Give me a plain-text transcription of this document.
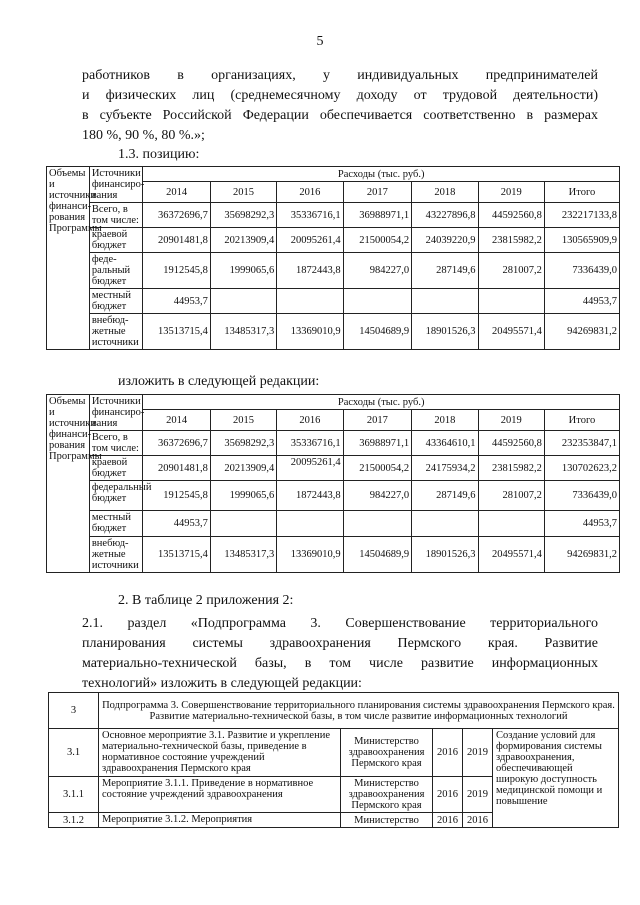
5
работников в организациях, у индивидуальных предпринимателей
и физических лиц (среднемесячному доходу от трудовой деятельности)
в субъекте Российской Федерации обеспечивается соответственно в размерах
180 %, 90 %, 80 %.»;
1.3. позицию:
Объемы и источники финанси- рования Программы	Источники финансиро- вания	Расходы (тыс. руб.)						
		2014	2015	2016	2017	2018	2019	Итого
	Всего, в том числе:	36372696,7	35698292,3	35336716,1	36988971,1	43227896,8	44592560,8	232217133,8
	краевой бюджет	20901481,8	20213909,4	20095261,4	21500054,2	24039220,9	23815982,2	130565909,9
	феде- ральный бюджет	1912545,8	1999065,6	1872443,8	984227,0	287149,6	281007,2	7336439,0
	местный бюджет	44953,7						44953,7
	внебюд- жетные источники	13513715,4	13485317,3	13369010,9	14504689,9	18901526,3	20495571,4	94269831,2
изложить в следующей редакции:
Объемы и источники финанси- рования Программы	Источники финансиро- вания	Расходы (тыс. руб.)						
		2014	2015	2016	2017	2018	2019	Итого
	Всего, в том числе:	36372696,7	35698292,3	35336716,1	36988971,1	43364610,1	44592560,8	232353847,1
	краевой бюджет	20901481,8	20213909,4	20095261,4	21500054,2	24175934,2	23815982,2	130702623,2
	федеральный бюджет	1912545,8	1999065,6	1872443,8	984227,0	287149,6	281007,2	7336439,0
	местный бюджет	44953,7						44953,7
	внебюд- жетные источники	13513715,4	13485317,3	13369010,9	14504689,9	18901526,3	20495571,4	94269831,2
2. В таблице 2 приложения 2:
2.1. раздел «Подпрограмма 3. Совершенствование территориального
планирования системы здравоохранения Пермского края. Развитие
материально-технической базы, в том числе развитие информационных
технологий» изложить в следующей редакции:
3	Подпрограмма 3. Совершенствование территориального планирования системы здравоохранения Пермского края. Развитие материально-технической базы, в том числе развитие информационных технологий				
3.1	Основное мероприятие 3.1. Развитие и укрепление материально-технической базы, приведение в нормативное состояние учреждений здравоохранения Пермского края	Министерство здравоохранения Пермского края	2016	2019	Создание условий для формирования системы здравоохранения, обеспечивающей широкую доступность медицинской помощи и повышение
3.1.1	Мероприятие 3.1.1. Приведение в нормативное состояние учреждений здравоохранения	Министерство здравоохранения Пермского края	2016	2019	
3.1.2	Мероприятие 3.1.2. Мероприятия	Министерство	2016	2016	
